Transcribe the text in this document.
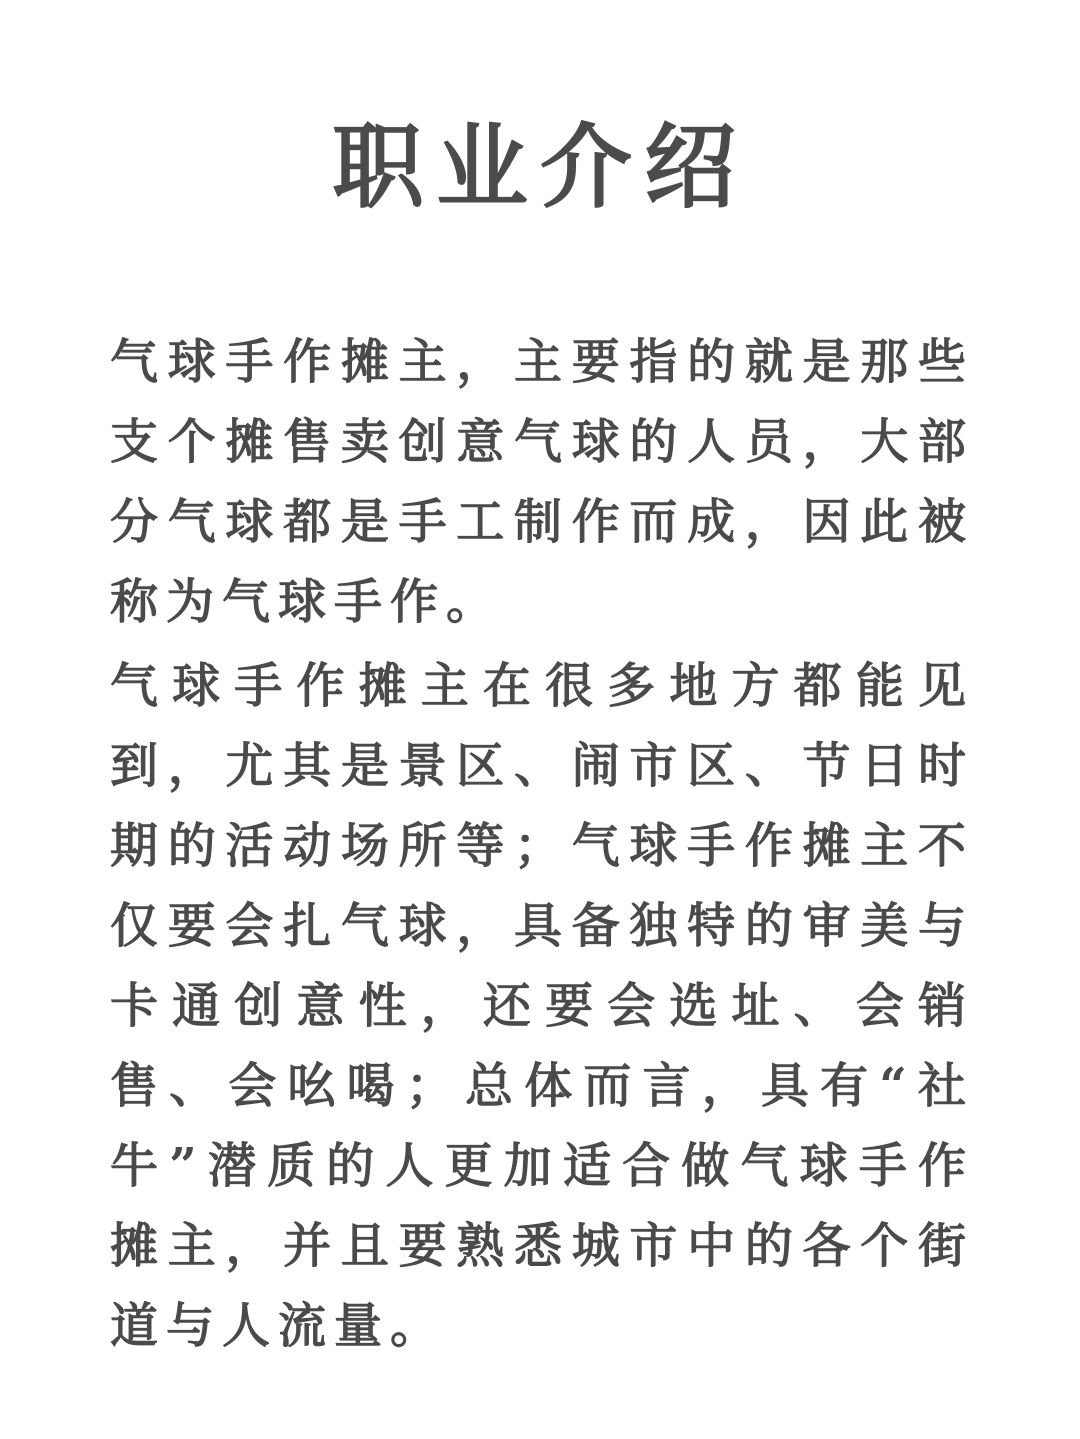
职业介绍

气球手作摊主，主要指的就是那些支个摊售卖创意气球的人员，大部分气球都是手工制作而成，因此被称为气球手作。

气球手作摊主在很多地方都能见到，尤其是景区、闹市区、节日时期的活动场所等；气球手作摊主不仅要会扎气球，具备独特的审美与卡通创意性，还要会选址、会销售、会吆喝；总体而言，具有“社牛”潜质的人更加适合做气球手作摊主，并且要熟悉城市中的各个街道与人流量。
